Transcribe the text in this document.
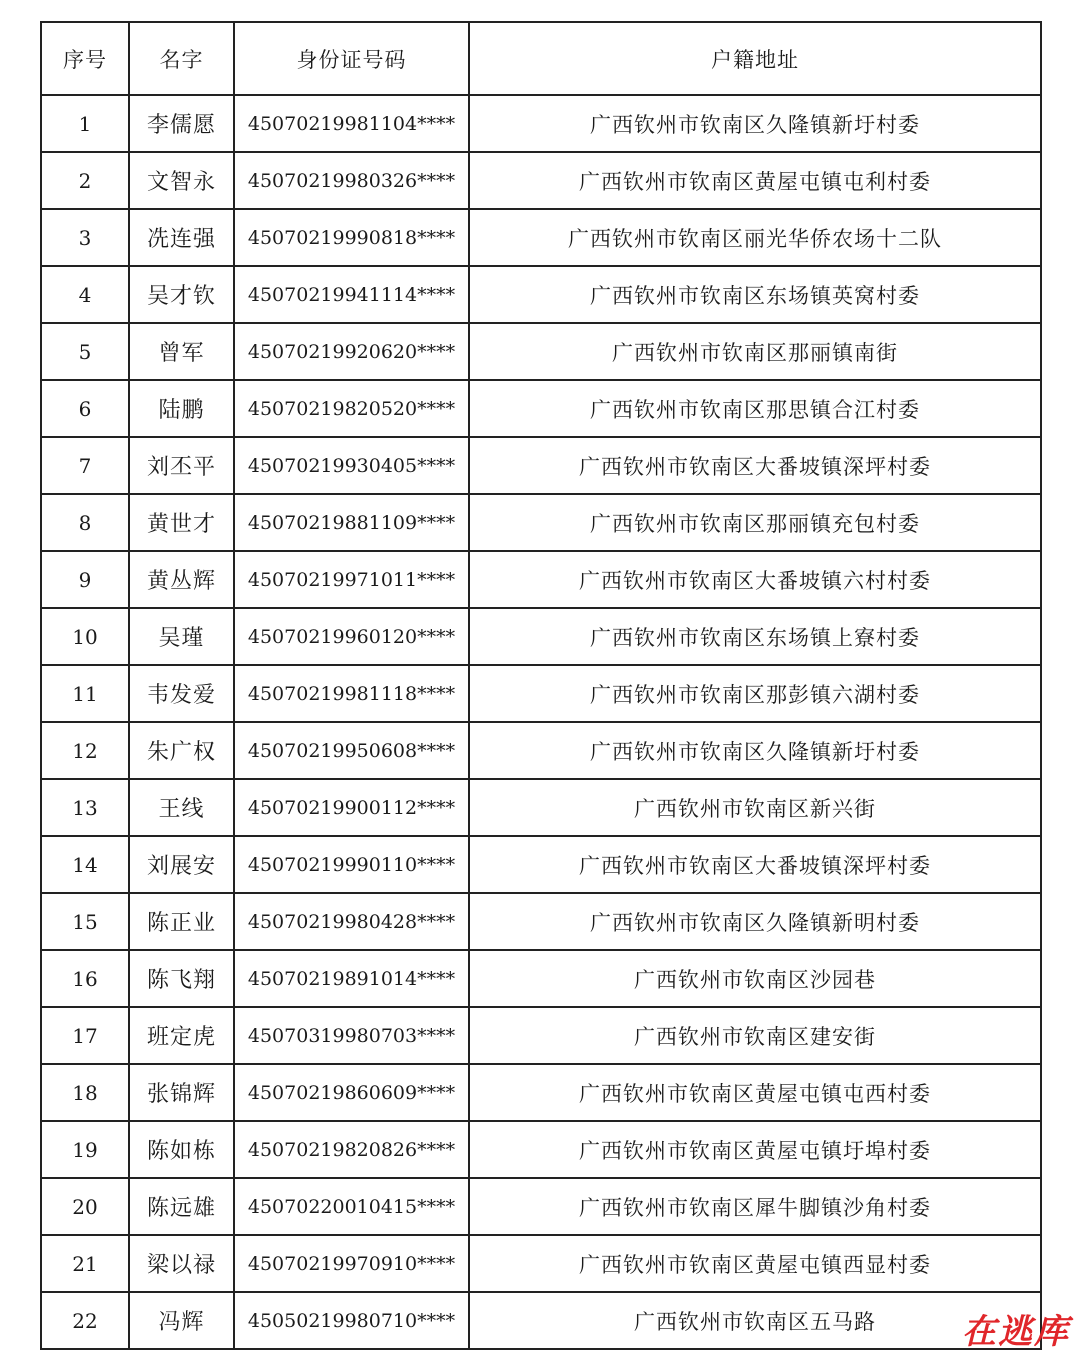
序号	名字	身份证号码	户籍地址
1	李儒愿	45070219981104****	广西钦州市钦南区久隆镇新圩村委
2	文智永	45070219980326****	广西钦州市钦南区黄屋屯镇屯利村委
3	冼连强	45070219990818****	广西钦州市钦南区丽光华侨农场十二队
4	吴才钦	45070219941114****	广西钦州市钦南区东场镇英窝村委
5	曾军	45070219920620****	广西钦州市钦南区那丽镇南街
6	陆鹏	45070219820520****	广西钦州市钦南区那思镇合江村委
7	刘丕平	45070219930405****	广西钦州市钦南区大番坡镇深坪村委
8	黄世才	45070219881109****	广西钦州市钦南区那丽镇充包村委
9	黄丛辉	45070219971011****	广西钦州市钦南区大番坡镇六村村委
10	吴瑾	45070219960120****	广西钦州市钦南区东场镇上寮村委
11	韦发爱	45070219981118****	广西钦州市钦南区那彭镇六湖村委
12	朱广权	45070219950608****	广西钦州市钦南区久隆镇新圩村委
13	王线	45070219900112****	广西钦州市钦南区新兴街
14	刘展安	45070219990110****	广西钦州市钦南区大番坡镇深坪村委
15	陈正业	45070219980428****	广西钦州市钦南区久隆镇新明村委
16	陈飞翔	45070219891014****	广西钦州市钦南区沙园巷
17	班定虎	45070319980703****	广西钦州市钦南区建安街
18	张锦辉	45070219860609****	广西钦州市钦南区黄屋屯镇屯西村委
19	陈如栋	45070219820826****	广西钦州市钦南区黄屋屯镇圩埠村委
20	陈远雄	45070220010415****	广西钦州市钦南区犀牛脚镇沙角村委
21	梁以禄	45070219970910****	广西钦州市钦南区黄屋屯镇西显村委
22	冯辉	45050219980710****	广西钦州市钦南区五马路	在逃库
